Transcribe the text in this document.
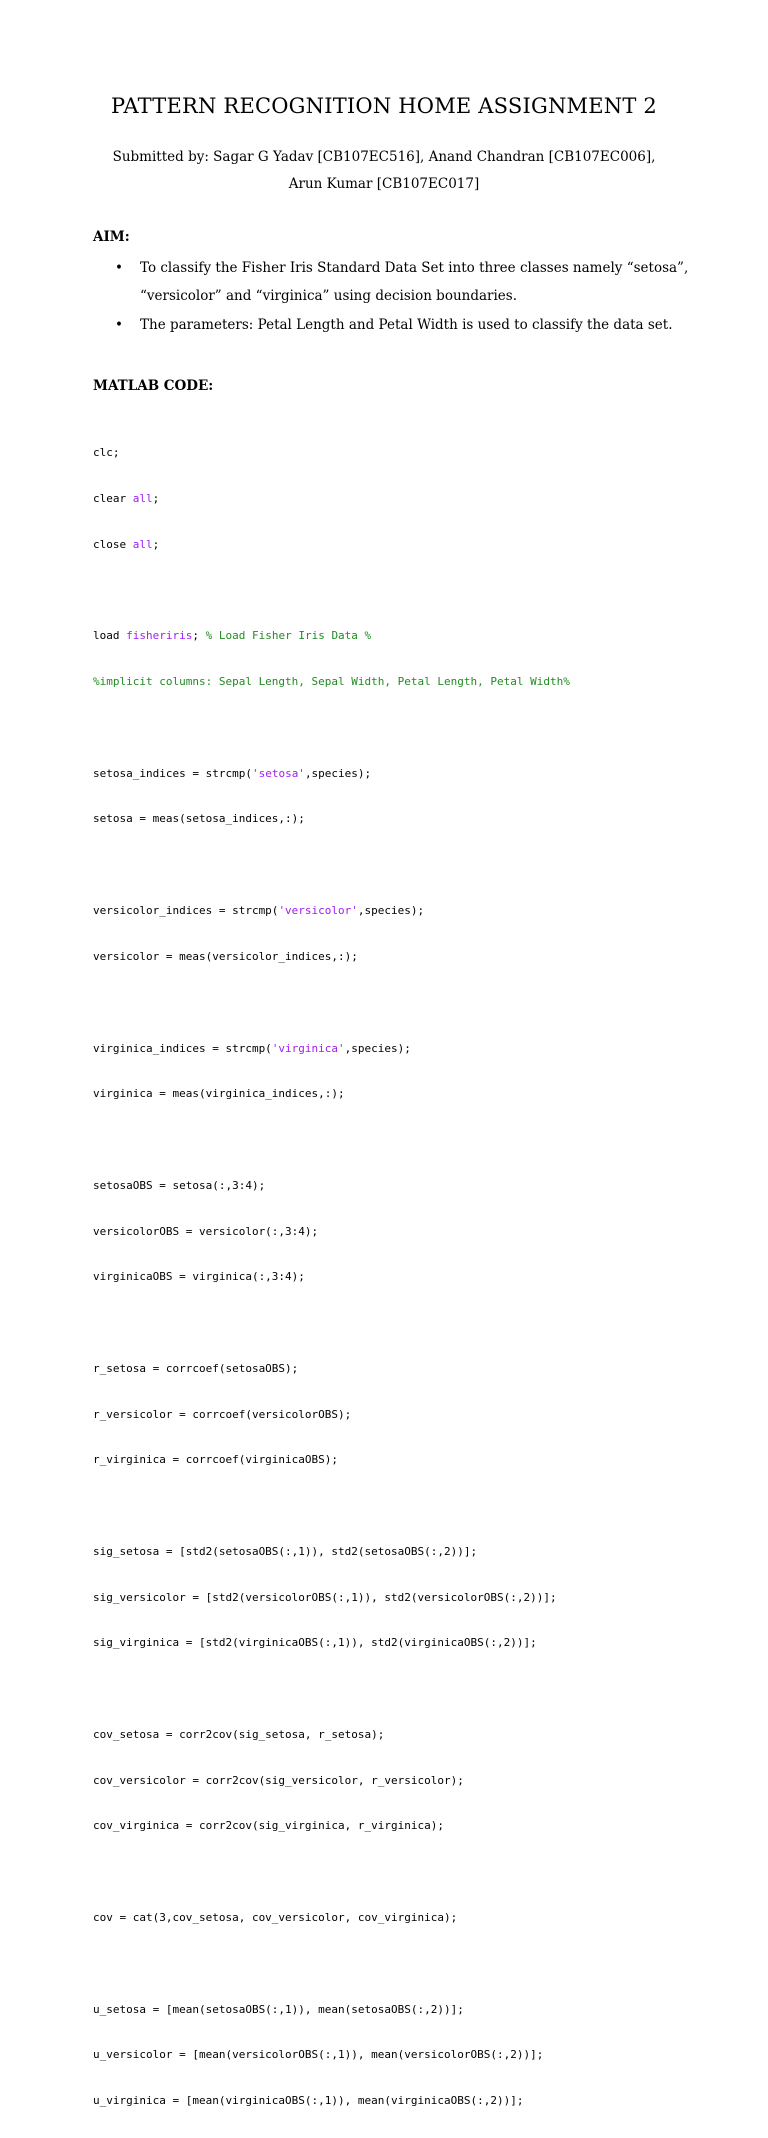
PATTERN RECOGNITION HOME ASSIGNMENT 2
Submitted by: Sagar G Yadav [CB107EC516], Anand Chandran [CB107EC006],
Arun Kumar [CB107EC017]
AIM:
• To classify the Fisher Iris Standard Data Set into three classes namely “setosa”,
“versicolor” and “virginica” using decision boundaries.
• The parameters: Petal Length and Petal Width is used to classify the data set.
MATLAB CODE:

clc;

clear all;

close all;

load fisheriris; % Load Fisher Iris Data %

%implicit columns: Sepal Length, Sepal Width, Petal Length, Petal Width%

setosa_indices = strcmp('setosa',species);

setosa = meas(setosa_indices,:);

versicolor_indices = strcmp('versicolor',species);

versicolor = meas(versicolor_indices,:);

virginica_indices = strcmp('virginica',species);

virginica = meas(virginica_indices,:);

setosaOBS = setosa(:,3:4);

versicolorOBS = versicolor(:,3:4);

virginicaOBS = virginica(:,3:4);

r_setosa = corrcoef(setosaOBS);

r_versicolor = corrcoef(versicolorOBS);

r_virginica = corrcoef(virginicaOBS);

sig_setosa = [std2(setosaOBS(:,1)), std2(setosaOBS(:,2))];

sig_versicolor = [std2(versicolorOBS(:,1)), std2(versicolorOBS(:,2))];

sig_virginica = [std2(virginicaOBS(:,1)), std2(virginicaOBS(:,2))];

cov_setosa = corr2cov(sig_setosa, r_setosa);

cov_versicolor = corr2cov(sig_versicolor, r_versicolor);

cov_virginica = corr2cov(sig_virginica, r_virginica);

cov = cat(3,cov_setosa, cov_versicolor, cov_virginica);

u_setosa = [mean(setosaOBS(:,1)), mean(setosaOBS(:,2))];

u_versicolor = [mean(versicolorOBS(:,1)), mean(versicolorOBS(:,2))];

u_virginica = [mean(virginicaOBS(:,1)), mean(virginicaOBS(:,2))];
